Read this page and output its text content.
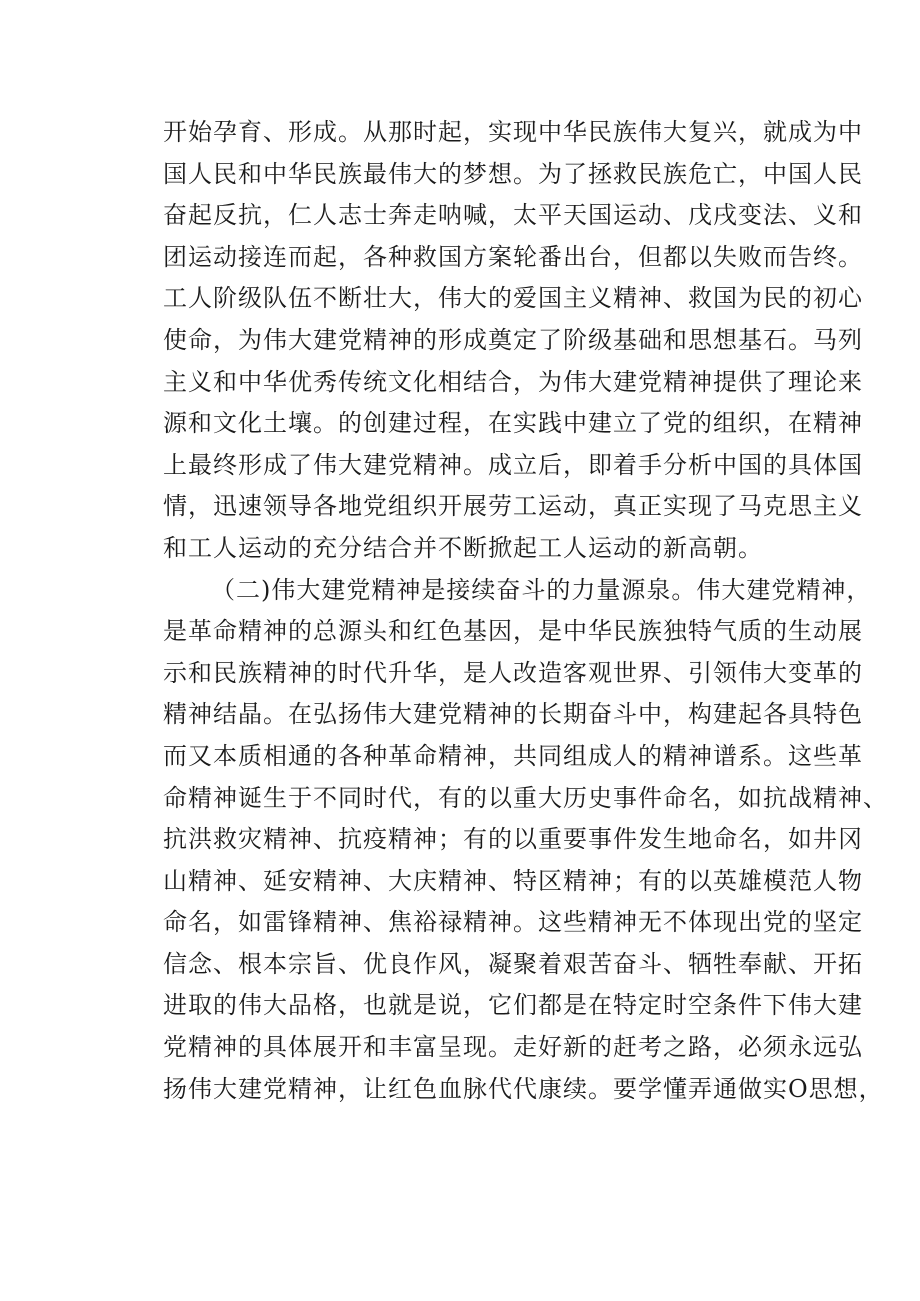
开始孕育、形成。从那时起，实现中华民族伟大复兴，就成为中
国人民和中华民族最伟大的梦想。为了拯救民族危亡，中国人民
奋起反抗，仁人志士奔走呐喊，太平天国运动、戊戌变法、义和
团运动接连而起，各种救国方案轮番出台，但都以失败而告终。
工人阶级队伍不断壮大，伟大的爱国主义精神、救国为民的初心
使命，为伟大建党精神的形成奠定了阶级基础和思想基石。马列
主义和中华优秀传统文化相结合，为伟大建党精神提供了理论来
源和文化土壤。的创建过程，在实践中建立了党的组织，在精神
上最终形成了伟大建党精神。成立后，即着手分析中国的具体国
情，迅速领导各地党组织开展劳工运动，真正实现了马克思主义
和工人运动的充分结合并不断掀起工人运动的新高朝。
（二)伟大建党精神是接续奋斗的力量源泉。伟大建党精神，
是革命精神的总源头和红色基因，是中华民族独特气质的生动展
示和民族精神的时代升华，是人改造客观世界、引领伟大变革的
精神结晶。在弘扬伟大建党精神的长期奋斗中，构建起各具特色
而又本质相通的各种革命精神，共同组成人的精神谱系。这些革
命精神诞生于不同时代，有的以重大历史事件命名，如抗战精神、
抗洪救灾精神、抗疫精神；有的以重要事件发生地命名，如井冈
山精神、延安精神、大庆精神、特区精神；有的以英雄模范人物
命名，如雷锋精神、焦裕禄精神。这些精神无不体现出党的坚定
信念、根本宗旨、优良作风，凝聚着艰苦奋斗、牺牲奉献、开拓
进取的伟大品格，也就是说，它们都是在特定时空条件下伟大建
党精神的具体展开和丰富呈现。走好新的赶考之路，必须永远弘
扬伟大建党精神，让红色血脉代代康续。要学懂弄通做实O思想，
